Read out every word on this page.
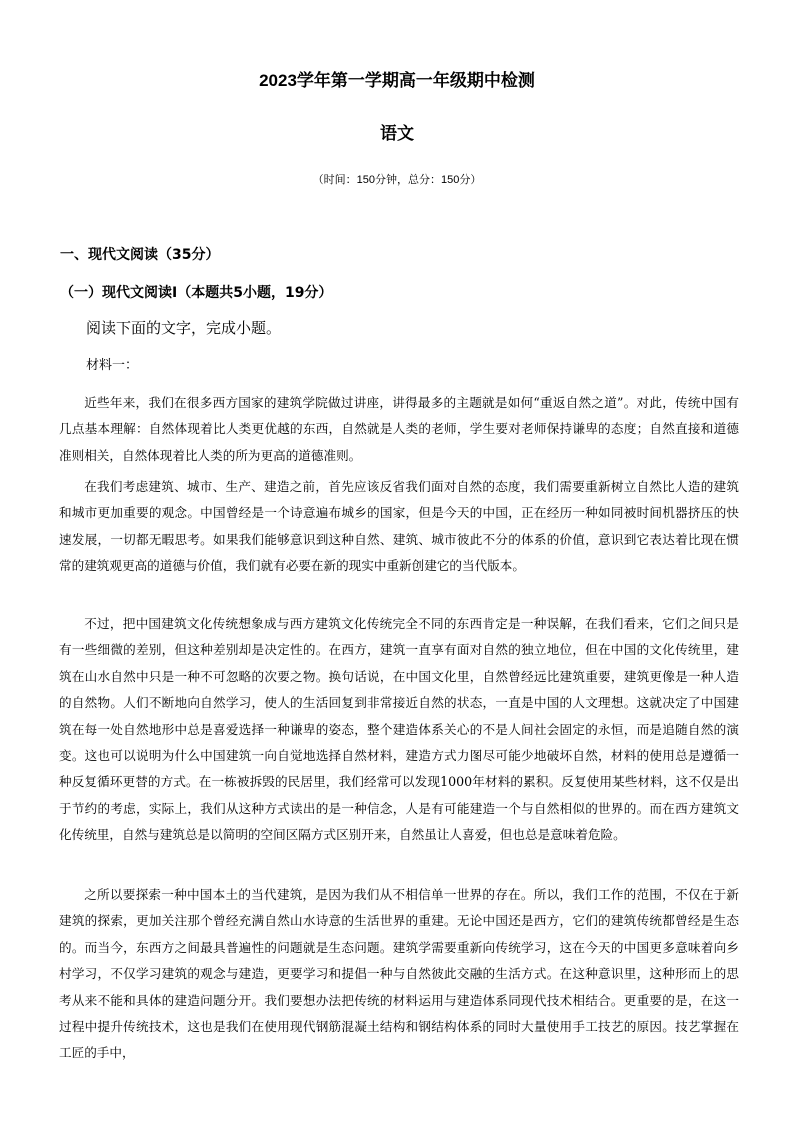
2023学年第一学期高一年级期中检测
语文
（时间：150分钟，总分：150分）
一、现代文阅读（35分）
（一）现代文阅读Ⅰ（本题共5小题，19分）
阅读下面的文字，完成小题。
材料一：

近些年来，我们在很多西方国家的建筑学院做过讲座，讲得最多的主题就是如何“重返自然之道”。对此，传统中国有几点基本理解：自然体现着比人类更优越的东西，自然就是人类的老师，学生要对老师保持谦卑的态度；自然直接和道德准则相关，自然体现着比人类的所为更高的道德准则。

在我们考虑建筑、城市、生产、建造之前，首先应该反省我们面对自然的态度，我们需要重新树立自然比人造的建筑和城市更加重要的观念。中国曾经是一个诗意遍布城乡的国家，但是今天的中国，正在经历一种如同被时间机器挤压的快速发展，一切都无暇思考。如果我们能够意识到这种自然、建筑、城市彼此不分的体系的价值，意识到它表达着比现在惯常的建筑观更高的道德与价值，我们就有必要在新的现实中重新创建它的当代版本。

不过，把中国建筑文化传统想象成与西方建筑文化传统完全不同的东西肯定是一种误解，在我们看来，它们之间只是有一些细微的差别，但这种差别却是决定性的。在西方，建筑一直享有面对自然的独立地位，但在中国的文化传统里，建筑在山水自然中只是一种不可忽略的次要之物。换句话说，在中国文化里，自然曾经远比建筑重要，建筑更像是一种人造的自然物。人们不断地向自然学习，使人的生活回复到非常接近自然的状态，一直是中国的人文理想。这就决定了中国建筑在每一处自然地形中总是喜爱选择一种谦卑的姿态，整个建造体系关心的不是人间社会固定的永恒，而是追随自然的演变。这也可以说明为什么中国建筑一向自觉地选择自然材料，建造方式力图尽可能少地破坏自然，材料的使用总是遵循一种反复循环更替的方式。在一栋被拆毁的民居里，我们经常可以发现1000年材料的累积。反复使用某些材料，这不仅是出于节约的考虑，实际上，我们从这种方式读出的是一种信念，人是有可能建造一个与自然相似的世界的。而在西方建筑文化传统里，自然与建筑总是以简明的空间区隔方式区别开来，自然虽让人喜爱，但也总是意味着危险。

之所以要探索一种中国本土的当代建筑，是因为我们从不相信单一世界的存在。所以，我们工作的范围，不仅在于新建筑的探索，更加关注那个曾经充满自然山水诗意的生活世界的重建。无论中国还是西方，它们的建筑传统都曾经是生态的。而当今，东西方之间最具普遍性的问题就是生态问题。建筑学需要重新向传统学习，这在今天的中国更多意味着向乡村学习，不仅学习建筑的观念与建造，更要学习和提倡一种与自然彼此交融的生活方式。在这种意识里，这种形而上的思考从来不能和具体的建造问题分开。我们要想办法把传统的材料运用与建造体系同现代技术相结合。更重要的是，在这一过程中提升传统技术，这也是我们在使用现代钢筋混凝土结构和钢结构体系的同时大量使用手工技艺的原因。技艺掌握在工匠的手中，
